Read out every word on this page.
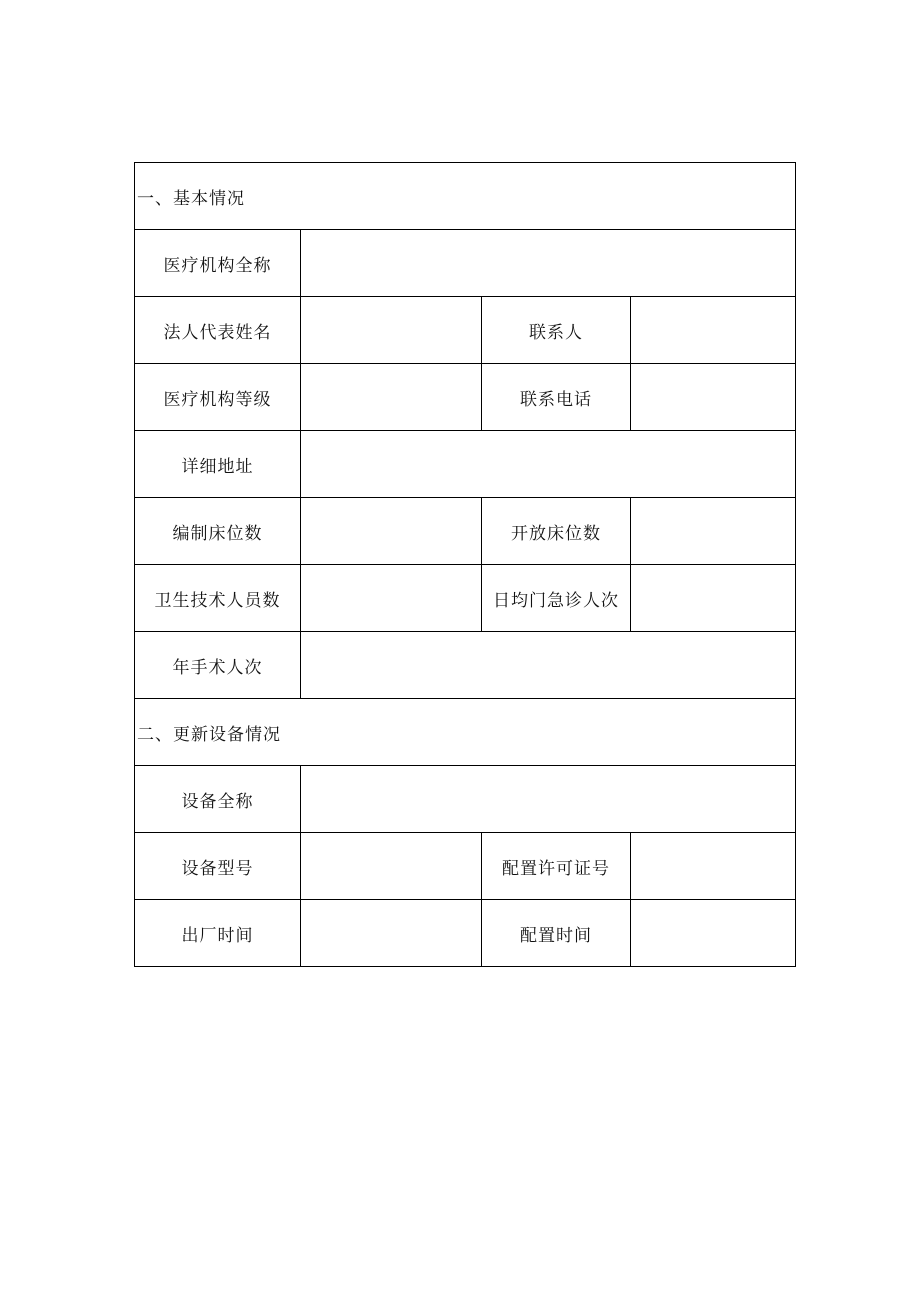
一、基本情况			
医疗机构全称			
法人代表姓名		联系人	
医疗机构等级		联系电话	
详细地址			
编制床位数		开放床位数	
卫生技术人员数		日均门急诊人次	
年手术人次			
二、更新设备情况			
设备全称			
设备型号		配置许可证号	
出厂时间		配置时间	
